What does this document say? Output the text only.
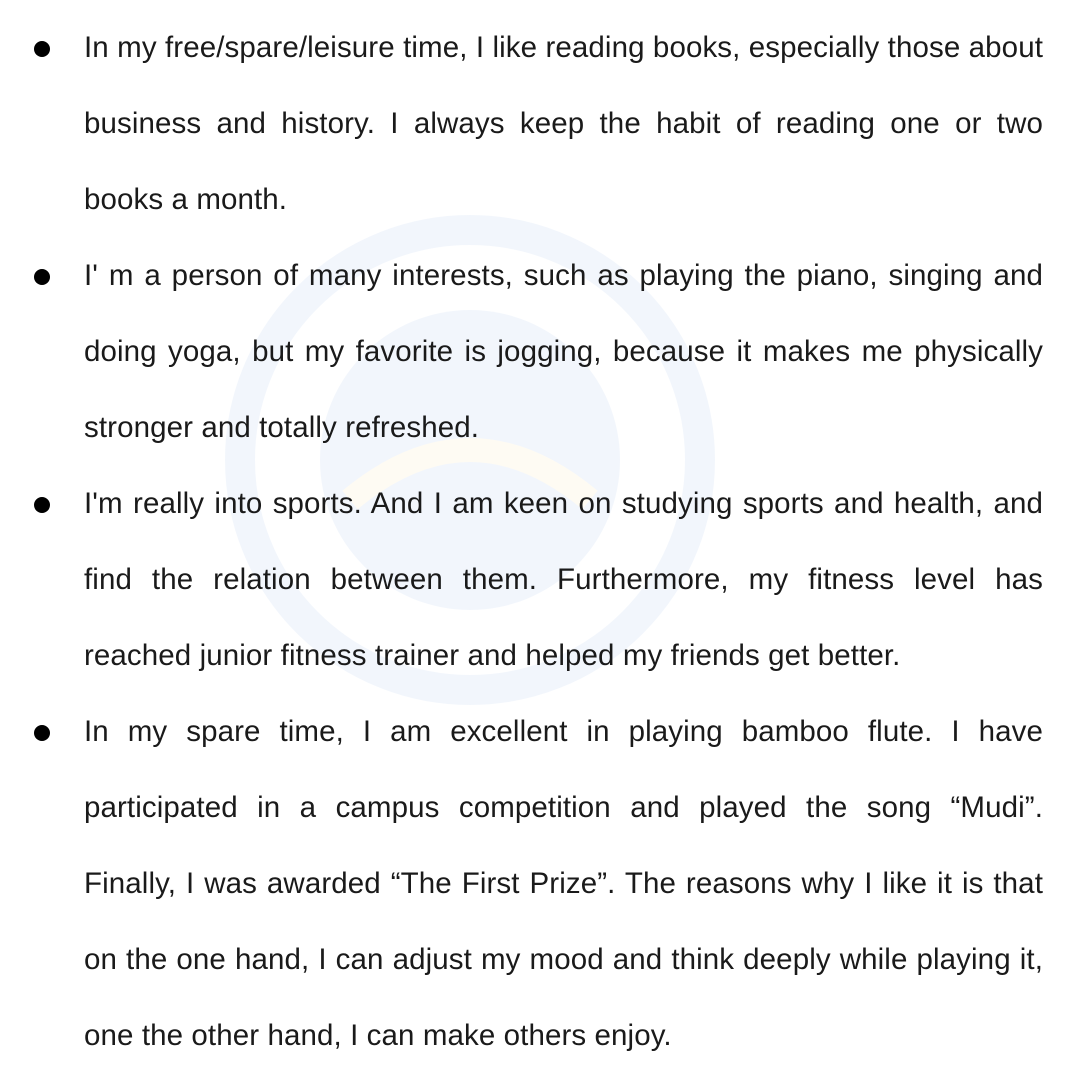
In my free/spare/leisure time, I like reading books, especially those about business and history. I always keep the habit of reading one or two books a month.
I' m a person of many interests, such as playing the piano, singing and doing yoga, but my favorite is jogging, because it makes me physically stronger and totally refreshed.
I'm really into sports. And I am keen on studying sports and health, and find the relation between them. Furthermore, my fitness level has reached junior fitness trainer and helped my friends get better.
In my spare time, I am excellent in playing bamboo flute. I have participated in a campus competition and played the song “Mudi”. Finally, I was awarded “The First Prize”. The reasons why I like it is that on the one hand, I can adjust my mood and think deeply while playing it, one the other hand, I can make others enjoy.
